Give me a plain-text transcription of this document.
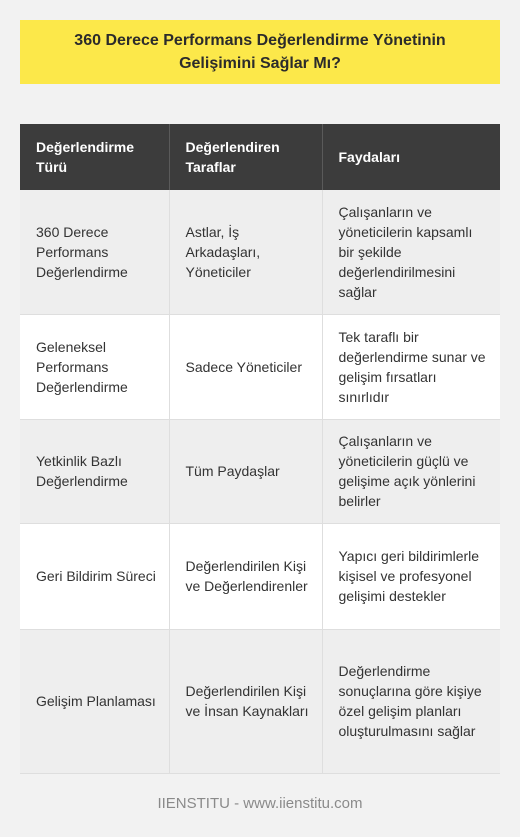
360 Derece Performans Değerlendirme Yönetinin Gelişimini Sağlar Mı?
Değerlendirme Türü	Değerlendiren Taraflar	Faydaları
360 Derece Performans Değerlendirme	Astlar, İş Arkadaşları, Yöneticiler	Çalışanların ve yöneticilerin kapsamlı bir şekilde değerlendirilmesini sağlar
Geleneksel Performans Değerlendirme	Sadece Yöneticiler	Tek taraflı bir değerlendirme sunar ve gelişim fırsatları sınırlıdır
Yetkinlik Bazlı Değerlendirme	Tüm Paydaşlar	Çalışanların ve yöneticilerin güçlü ve gelişime açık yönlerini belirler
Geri Bildirim Süreci	Değerlendirilen Kişi ve Değerlendirenler	Yapıcı geri bildirimlerle kişisel ve profesyonel gelişimi destekler
Gelişim Planlaması	Değerlendirilen Kişi ve İnsan Kaynakları	Değerlendirme sonuçlarına göre kişiye özel gelişim planları oluşturulmasını sağlar
IIENSTITU - www.iienstitu.com
